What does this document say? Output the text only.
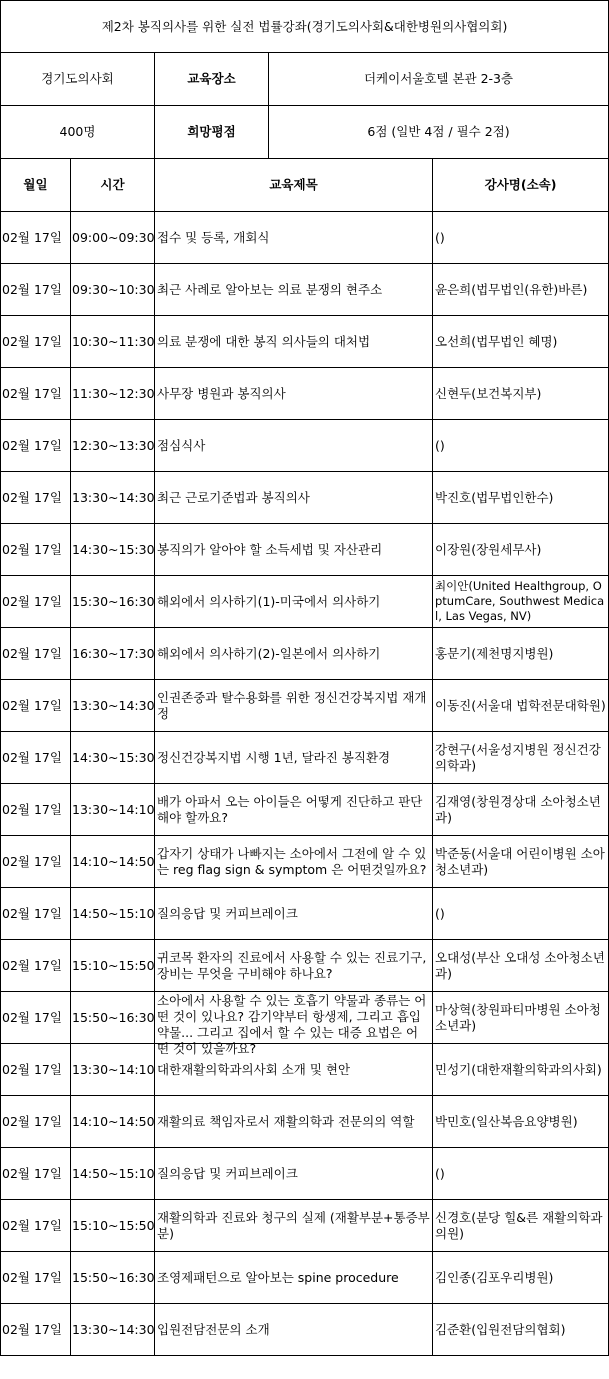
제2차 봉직의사를 위한 실전 법률강좌(경기도의사회&대한병원의사협의회)				
경기도의사회		교육장소	더케이서울호텔 본관 2-3층	
400명		희망평점	6점 (일반 4점 / 필수 2점)	
월일	시간	교육제목		강사명(소속)

02월 17일	09:00~09:30	접수 및 등록, 개회식		()

02월 17일	09:30~10:30	최근 사례로 알아보는 의료 분쟁의 현주소		윤은희(법무법인(유한)바른)

02월 17일	10:30~11:30	의료 분쟁에 대한 봉직 의사들의 대처법		오선희(법무법인 혜명)

02월 17일	11:30~12:30	사무장 병원과 봉직의사		신현두(보건복지부)

02월 17일	12:30~13:30	점심식사		()

02월 17일	13:30~14:30	최근 근로기준법과 봉직의사		박진호(법무법인한수)

02월 17일	14:30~15:30	봉직의가 알아야 할 소득세법 및 자산관리		이장원(장원세무사)

02월 17일	15:30~16:30	해외에서 의사하기(1)-미국에서 의사하기		최이안(United Healthgroup, OptumCare, Southwest Medical, Las Vegas, NV)

02월 17일	16:30~17:30	해외에서 의사하기(2)-일본에서 의사하기		홍문기(제천명지병원)

02월 17일	13:30~14:30	인권존중과 탈수용화를 위한 정신건강복지법 재개정		이동진(서울대 법학전문대학원)

02월 17일	14:30~15:30	정신건강복지법 시행 1년, 달라진 봉직환경		강현구(서울성지병원 정신건강의학과)

02월 17일	13:30~14:10	배가 아파서 오는 아이들은 어떻게 진단하고 판단해야 할까요?		김재영(창원경상대 소아청소년과)

02월 17일	14:10~14:50	갑자기 상태가 나빠지는 소아에서 그전에 알 수 있는 reg flag sign & symptom 은 어떤것일까요?		박준동(서울대 어린이병원 소아청소년과)

02월 17일	14:50~15:10	질의응답 및 커피브레이크		()

02월 17일	15:10~15:50	귀코목 환자의 진료에서 사용할 수 있는 진료기구, 장비는 무엇을 구비해야 하나요?		오대성(부산 오대성 소아청소년과)

02월 17일	15:50~16:30	소아에서 사용할 수 있는 호흡기 약물과 종류는 어떤 것이 있나요? 감기약부터 항생제, 그리고 흡입약물... 그리고 집에서 할 수 있는 대증 요법은 어떤 것이 있을까요?		마상혁(창원파티마병원 소아청소년과)

02월 17일	13:30~14:10	대한재활의학과의사회 소개 및 현안		민성기(대한재활의학과의사회)

02월 17일	14:10~14:50	재활의료 책임자로서 재활의학과 전문의의 역할		박민호(일산복음요양병원)

02월 17일	14:50~15:10	질의응답 및 커피브레이크		()

02월 17일	15:10~15:50	재활의학과 진료와 청구의 실제 (재활부분+통증부분)		신경호(분당 힐&른 재활의학과의원)

02월 17일	15:50~16:30	조영제패턴으로 알아보는 spine procedure		김인종(김포우리병원)

02월 17일	13:30~14:30	입원전담전문의 소개		김준환(입원전담의협회)
